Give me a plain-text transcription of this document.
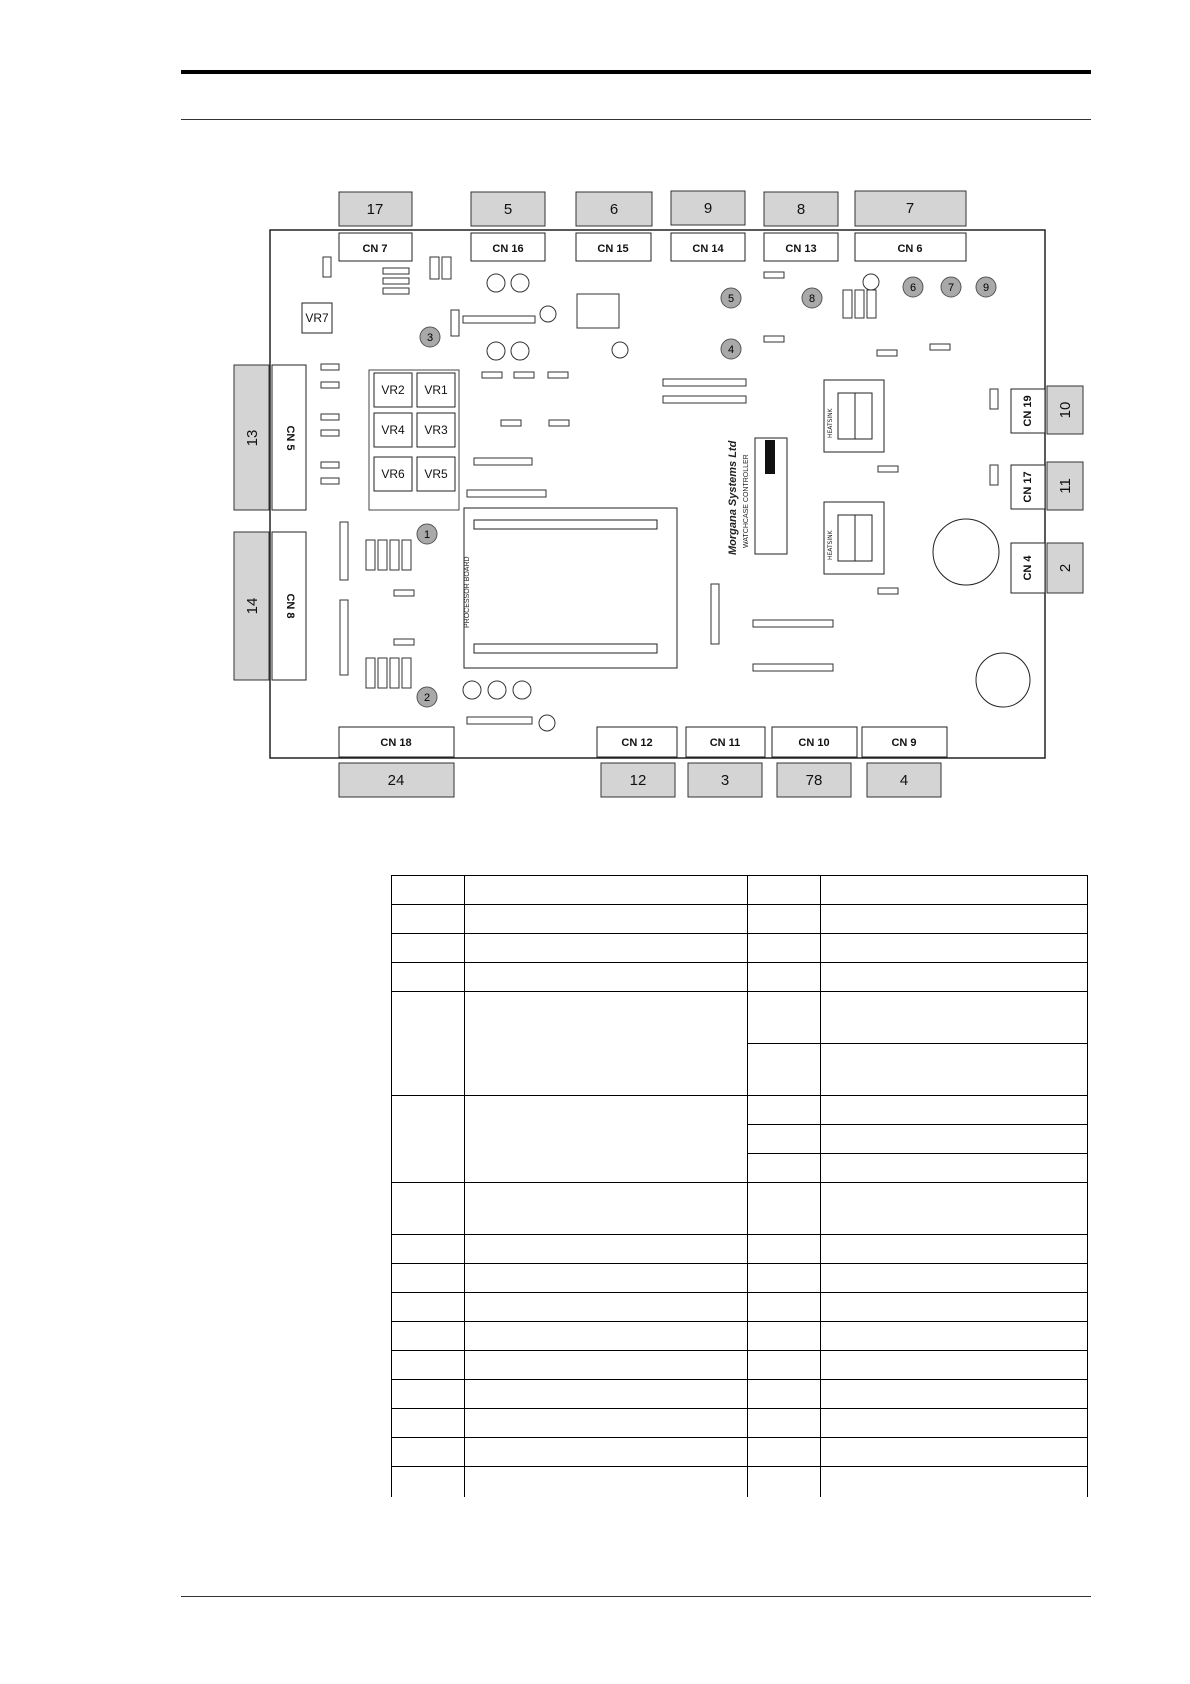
17	5	6	9	8	7
13
14
10
11
2
24	12	3	78	4
CN 7	CN 16	CN 15	CN 14	CN 13	CN 6
CN 5
CN 8
CN 19
CN 17
CN 4
CN 18	CN 12	CN 11	CN 10	CN 9
VR2 VR1
VR4 VR3
VR6 VR5
VR7
PROCESSOR BOARD
Morgana Systems Ltd WATCHCASE CONTROLLER
HEATSINK
HEATSINK
1
2
3
4
5
6	7
8
9
